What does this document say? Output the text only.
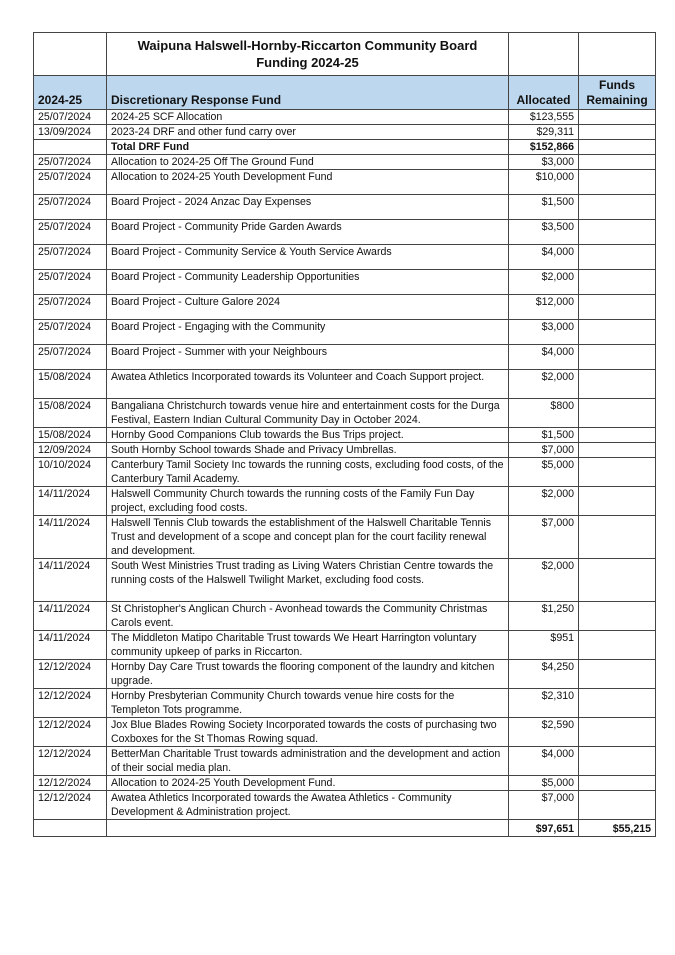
	Waipuna Halswell-Hornby-Riccarton Community Board
Funding 2024-25		

2024-25	Discretionary Response Fund	Allocated	Funds
Remaining

25/07/2024	2024-25 SCF Allocation	$123,555	
13/09/2024	2023-24 DRF and other fund carry over	$29,311	
	Total DRF Fund	$152,866	
25/07/2024	Allocation to 2024-25 Off The Ground Fund	$3,000	
25/07/2024	Allocation to 2024-25 Youth Development Fund	$10,000	
25/07/2024	Board Project - 2024 Anzac Day Expenses	$1,500	
25/07/2024	Board Project - Community Pride Garden Awards	$3,500	
25/07/2024	Board Project - Community Service & Youth Service Awards	$4,000	
25/07/2024	Board Project - Community Leadership Opportunities	$2,000	
25/07/2024	Board Project - Culture Galore 2024	$12,000	
25/07/2024	Board Project - Engaging with the Community	$3,000	
25/07/2024	Board Project - Summer with your Neighbours	$4,000	
15/08/2024	Awatea Athletics Incorporated towards its Volunteer and Coach Support project.	$2,000	
15/08/2024	Bangaliana Christchurch towards venue hire and entertainment costs for the Durga Festival, Eastern Indian Cultural Community Day in October 2024.	$800	
15/08/2024	Hornby Good Companions Club towards the Bus Trips project.	$1,500	
12/09/2024	South Hornby School towards Shade and Privacy Umbrellas.	$7,000	
10/10/2024	Canterbury Tamil Society Inc towards the running costs, excluding food costs, of the Canterbury Tamil Academy.	$5,000	
14/11/2024	Halswell Community Church towards the running costs of the Family Fun Day project, excluding food costs.	$2,000	
14/11/2024	Halswell Tennis Club towards the establishment of the Halswell Charitable Tennis Trust and development of a scope and concept plan for the court facility renewal and development.	$7,000	
14/11/2024	South West Ministries Trust trading as Living Waters Christian Centre towards the running costs of the Halswell Twilight Market, excluding food costs.	$2,000	
14/11/2024	St Christopher's Anglican Church - Avonhead towards the Community Christmas Carols event.	$1,250	
14/11/2024	The Middleton Matipo Charitable Trust towards We Heart Harrington voluntary community upkeep of parks in Riccarton.	$951	
12/12/2024	Hornby Day Care Trust towards the flooring component of the laundry and kitchen upgrade.	$4,250	
12/12/2024	Hornby Presbyterian Community Church towards venue hire costs for the Templeton Tots programme.	$2,310	
12/12/2024	Jox Blue Blades Rowing Society Incorporated towards the costs of purchasing two Coxboxes for the St Thomas Rowing squad.	$2,590	
12/12/2024	BetterMan Charitable Trust towards administration and the development and action of their social media plan.	$4,000	
12/12/2024	Allocation to 2024-25 Youth Development Fund.	$5,000	
12/12/2024	Awatea Athletics Incorporated towards the Awatea Athletics - Community Development & Administration project.	$7,000	
		$97,651	$55,215
